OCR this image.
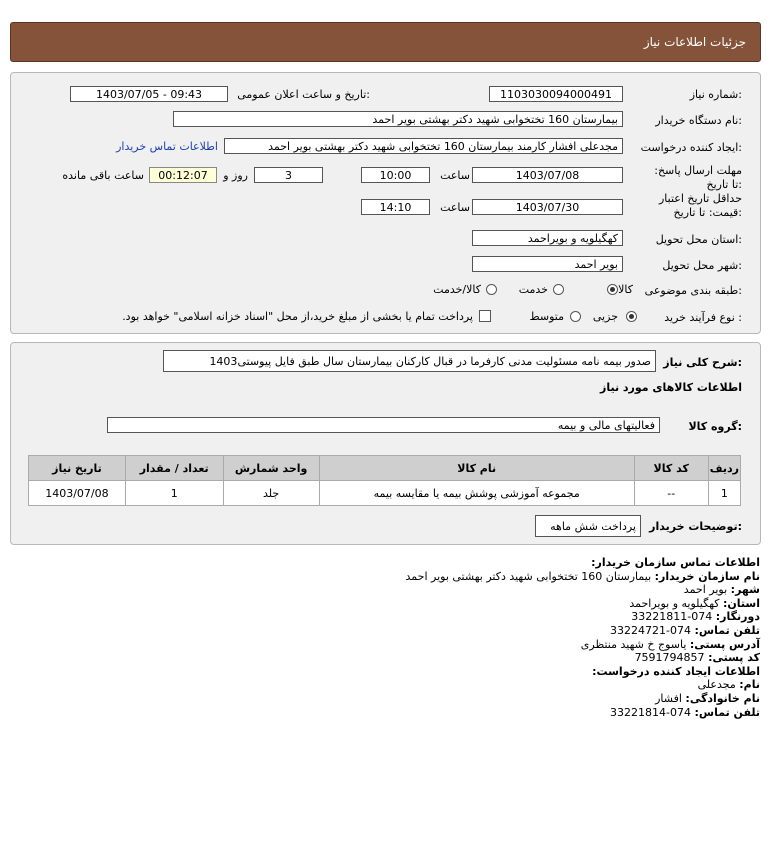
جزئیات اطلاعات نیاز
شماره نیاز:
1103030094000491
تاریخ و ساعت اعلان عمومی:
1403/07/05 - 09:43
نام دستگاه خریدار:
بیمارستان 160 تختخوابی شهید دکتر بهشتی بویر احمد
ایجاد کننده درخواست:
مجدعلی افشار کارمند بیمارستان 160 تختخوابی شهید دکتر بهشتی بویر احمد
اطلاعات تماس خریدار
مهلت ارسال پاسخ: تا تاریخ:
1403/07/08
ساعت
10:00
3
روز و
00:12:07
ساعت باقی مانده
حداقل تاریخ اعتبار قیمت: تا تاریخ:
1403/07/30
ساعت
14:10
استان محل تحویل:
کهگیلویه و بویراحمد
شهر محل تحویل:
بویر احمد
طبقه بندی موضوعی:
کالا
خدمت
کالا/خدمت
نوع فرآیند خرید :
جزیی
متوسط
پرداخت تمام یا بخشی از مبلغ خرید،از محل "اسناد خزانه اسلامی" خواهد بود.
شرح کلی نیاز:
صدور بیمه نامه مسئولیت مدنی کارفرما در قبال کارکنان بیمارستان سال طبق فایل پیوستی1403
اطلاعات کالاهای مورد نیاز
گروه کالا:
فعالیتهای مالی و بیمه
تاریخ نیاز	تعداد / مقدار	واحد شمارش	نام کالا	کد کالا	ردیف
1403/07/08	1	جلد	مجموعه آموزشی پوشش بیمه یا مقایسه بیمه	--	1
توضیحات خریدار:
پرداخت شش ماهه
اطلاعات تماس سازمان خریدار:
نام سازمان خریدار: بیمارستان 160 تختخوابی شهید دکتر بهشتی بویر احمد
شهر: بویر احمد
استان: کهگیلویه و بویراحمد
دورنگار: 074-33221811
تلفن تماس: 074-33224721
آدرس پستی: یاسوج خ شهید منتظری
کد پستی: 7591794857
اطلاعات ایجاد کننده درخواست:
نام: مجدعلی
نام خانوادگی: افشار
تلفن تماس: 074-33221814
